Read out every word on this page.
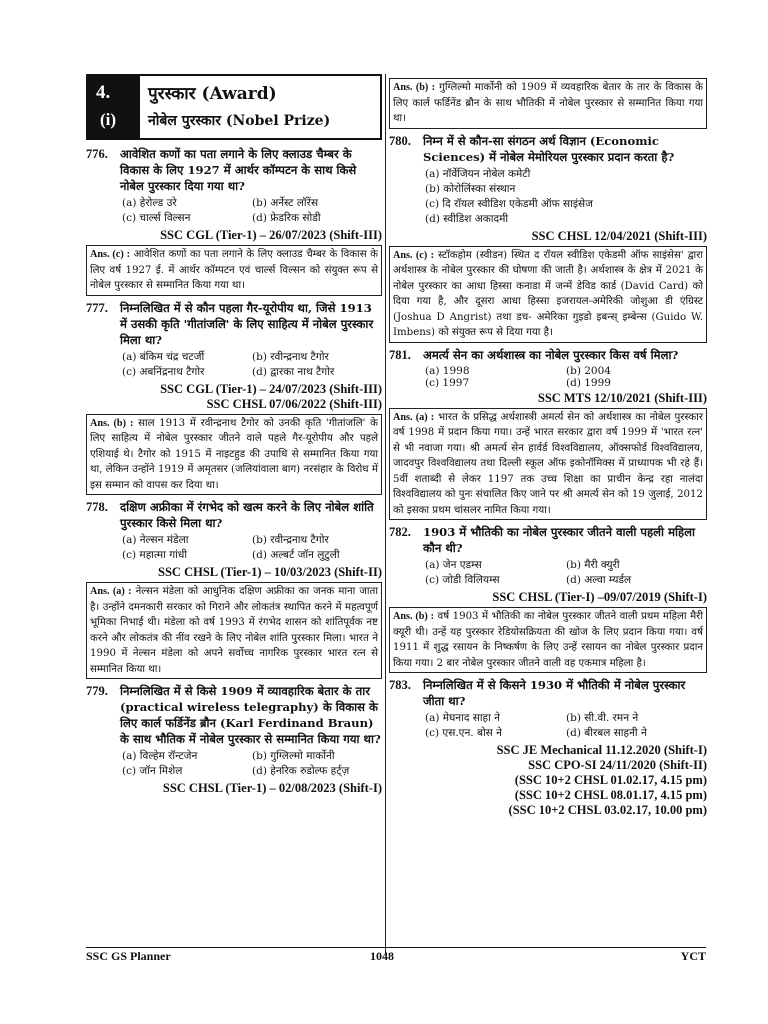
4.
(i)
पुरस्कार (Award)
नोबेल पुरस्कार (Nobel Prize)
776.	आवेशित कणों का पता लगाने के लिए क्लाउड चैम्बर के विकास के लिए 1927 में आर्थर कॉम्पटन के साथ किसे नोबेल पुरस्कार दिया गया था?
(a) हेरोल्ड उरे	(b) अर्नेस्ट लॉरेंस
(c) चार्ल्स विल्सन	(d) फ्रेडरिक सोडी
SSC CGL (Tier-1) – 26/07/2023 (Shift-III)
Ans. (c) : आवेशित कणों का पता लगाने के लिए क्लाउड चैम्बर के विकास के लिए वर्ष 1927 ई. में आर्थर कॉम्पटन एवं चार्ल्स विल्सन को संयुक्त रूप से नोबेल पुरस्कार से सम्मानित किया गया था।
777.	निम्नलिखित में से कौन पहला गैर-यूरोपीय था, जिसे 1913 में उसकी कृति 'गीतांजलि' के लिए साहित्य में नोबेल पुरस्कार मिला था?
(a) बंकिम चंद्र चटर्जी	(b) रवीन्द्रनाथ टैगोर
(c) अबनिंद्रनाथ टैगोर	(d) द्वारका नाथ टैगोर
SSC CGL (Tier-1) – 24/07/2023 (Shift-III)
SSC CHSL 07/06/2022 (Shift-III)
Ans. (b) : साल 1913 में रवीन्द्रनाथ टैगोर को उनकी कृति 'गीतांजलि' के लिए साहित्य में नोबेल पुरस्कार जीतने वाले पहले गैर-यूरोपीय और पहले एशियाई थे। टैगोर को 1915 में नाइटहुड की उपाधि से सम्मानित किया गया था, लेकिन उन्होंने 1919 में अमृतसर (जलियांवाला बाग) नरसंहार के विरोध में इस सम्मान को वापस कर दिया था।
778.	दक्षिण अफ्रीका में रंगभेद को खत्म करने के लिए नोबेल शांति पुरस्कार किसे मिला था?
(a) नेल्सन मंडेला	(b) रवीन्द्रनाथ टैगोर
(c) महात्मा गांधी	(d) अल्बर्ट जॉन लुटुली
SSC CHSL (Tier-1) – 10/03/2023 (Shift-II)
Ans. (a) : नेल्सन मंडेला को आधुनिक दक्षिण अफ्रीका का जनक माना जाता है। उन्होंने दमनकारी सरकार को गिराने और लोकतंत्र स्थापित करने में महत्वपूर्ण भूमिका निभाई थी। मंडेला को वर्ष 1993 में रंगभेद शासन को शांतिपूर्वक नष्ट करने और लोकतंत्र की नींव रखने के लिए नोबेल शांति पुरस्कार मिला। भारत ने 1990 में नेल्सन मंडेला को अपने सर्वोच्च नागरिक पुरस्कार भारत रत्न से सम्मानित किया था।
779.	निम्नलिखित में से किसे 1909 में व्यावहारिक बेतार के तार (practical wireless telegraphy) के विकास के लिए कार्ल फर्डिनेंड ब्रौन (Karl Ferdinand Braun) के साथ भौतिक में नोबेल पुरस्कार से सम्मानित किया गया था?
(a) विल्हेम रॉन्टजेन	(b) गुग्लिल्मो मार्कोनी
(c) जॉन मिशेल	(d) हेनरिक रुडोल्फ हर्ट्ज़
SSC CHSL (Tier-1) – 02/08/2023 (Shift-I)
Ans. (b) : गुग्लिल्मो मार्कोनी को 1909 में व्यवहारिक बेतार के तार के विकास के लिए कार्ल फर्डिनेंड ब्रौन के साथ भौतिकी में नोबेल पुरस्कार से सम्मानित किया गया था।
780.	निम्न में से कौन-सा संगठन अर्थ विज्ञान (Economic Sciences) में नोबेल मेमोरियल पुरस्कार प्रदान करता है?
(a) नॉर्वेजियन नोबेल कमेटी
(b) कोरोलिंस्का संस्थान
(c) दि रॉयल स्वीडिश एकेडमी ऑफ साइंसेज
(d) स्वीडिश अकादमी
SSC CHSL 12/04/2021 (Shift-III)
Ans. (c) : स्टॉकहोम (स्वीडन) स्थित द रॉयल स्वीडिश एकेडमी ऑफ साइंसेस' द्वारा अर्थशास्त्र के नोबेल पुरस्कार की घोषणा की जाती है। अर्थशास्त्र के क्षेत्र में 2021 के नोबेल पुरस्कार का आधा हिस्सा कनाडा में जन्में डेविड कार्ड (David Card) को दिया गया है, और दूसरा आधा हिस्सा इजरायल-अमेरिकी जोशुआ डी एंग्रिस्ट (Joshua D Angrist) तथा डच- अमेरिका गुइडो इबन्स् इम्बेन्स (Guido W. Imbens) को संयुक्त रूप से दिया गया है।
781.	अमर्त्य सेन का अर्थशास्त्र का नोबेल पुरस्कार किस वर्ष मिला?
(a) 1998	(b) 2004
(c) 1997	(d) 1999
SSC MTS 12/10/2021 (Shift-III)
Ans. (a) : भारत के प्रसिद्ध अर्थशास्त्री अमर्त्य सेन को अर्थशास्त्र का नोबेल पुरस्कार वर्ष 1998 में प्रदान किया गया। उन्हें भारत सरकार द्वारा वर्ष 1999 में 'भारत रत्न' से भी नवाजा गया। श्री अमर्त्य सेन हार्वर्ड विश्वविद्यालय, ऑक्सफोर्ड विश्वविद्यालय, जादवपुर विश्वविद्यालय तथा दिल्ली स्कूल ऑफ इकोनॉमिक्स में प्राध्यापक भी रहे हैं। 5वीं शताब्दी से लेकर 1197 तक उच्च शिक्षा का प्राचीन केन्द्र रहा नालंदा विश्वविद्यालय को पुनः संचालित किए जाने पर श्री अमर्त्य सेन को 19 जुलाई, 2012 को इसका प्रथम चांसलर नामित किया गया।
782.	1903 में भौतिकी का नोबेल पुरस्कार जीतने वाली पहली महिला कौन थी?
(a) जेन एडम्स	(b) मैरी क्युरी
(c) जोडी विलियम्स	(d) अल्वा म्यर्डल
SSC CHSL (Tier-I) –09/07/2019 (Shift-I)
Ans. (b) : वर्ष 1903 में भौतिकी का नोबेल पुरस्कार जीतने वाली प्रथम महिला मैरी क्यूरी थी। उन्हें यह पुरस्कार रेडियोसक्रियता की खोज के लिए प्रदान किया गया। वर्ष 1911 में शुद्ध रसायन के निष्कर्षण के लिए उन्हें रसायन का नोबेल पुरस्कार प्रदान किया गया। 2 बार नोबेल पुरस्कार जीतने वाली वह एकमात्र महिला है।
783.	निम्नलिखित में से किसने 1930 में भौतिकी में नोबेल पुरस्कार जीता था?
(a) मेघनाद साहा ने	(b) सी.वी. रमन ने
(c) एस.एन. बोस ने	(d) बीरबल साहनी ने
SSC JE Mechanical 11.12.2020 (Shift-I)
SSC CPO-SI 24/11/2020 (Shift-II)
(SSC 10+2 CHSL 01.02.17, 4.15 pm)
(SSC 10+2 CHSL 08.01.17, 4.15 pm)
(SSC 10+2 CHSL 03.02.17, 10.00 pm)
SSC GS Planner	1048	YCT
